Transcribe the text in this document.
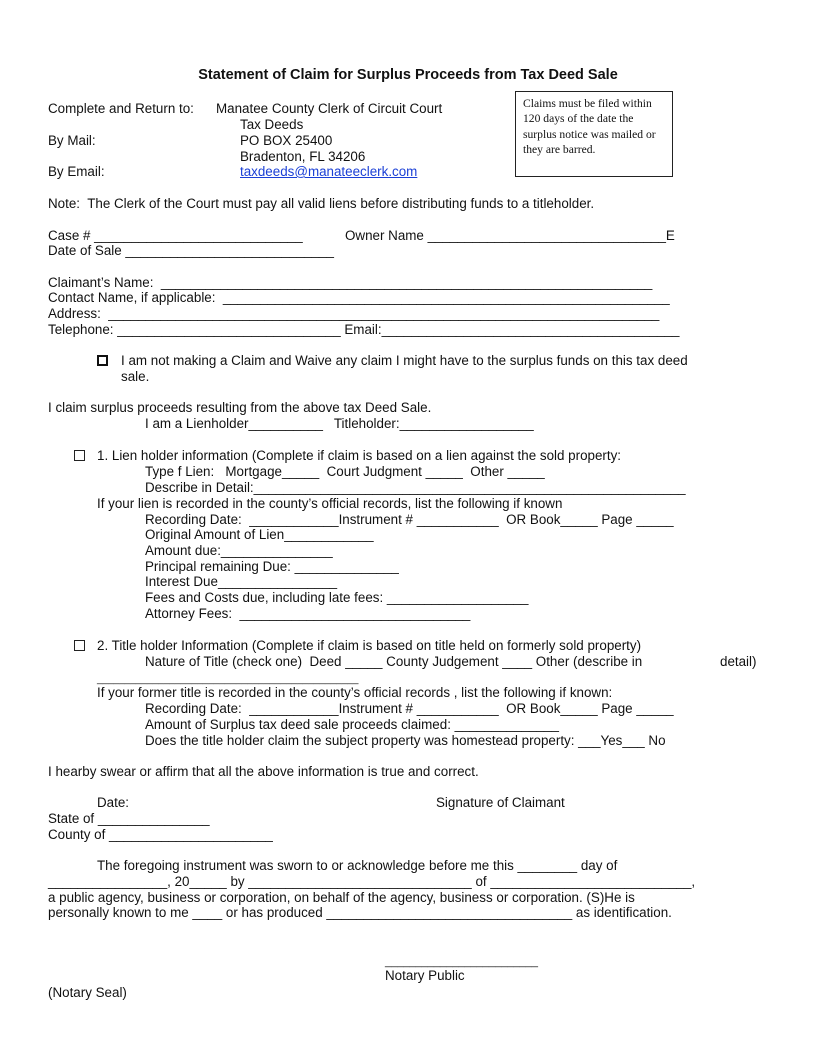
Statement of Claim for Surplus Proceeds from Tax Deed Sale
Complete and Return to: Manatee County Clerk of Circuit Court
Tax Deeds
By Mail:	PO BOX 25400
Bradenton, FL 34206
By Email:	taxdeeds@manateeclerk.com
Claims must be filed within 120 days of the date the surplus notice was mailed or they are barred.
Note:  The Clerk of the Court must pay all valid liens before distributing funds to a titleholder.
Case # ____________________________	Owner Name ________________________________E
Date of Sale ____________________________
Claimant’s Name:  __________________________________________________________________
Contact Name, if applicable:  ____________________________________________________________
Address:  __________________________________________________________________________
Telephone: ______________________________ Email:________________________________________
I am not making a Claim and Waive any claim I might have to the surplus funds on this tax deed
sale.
I claim surplus proceeds resulting from the above tax Deed Sale.
I am a Lienholder__________   Titleholder:__________________
1. Lien holder information (Complete if claim is based on a lien against the sold property:
Type f Lien:   Mortgage_____  Court Judgment _____  Other _____
Describe in Detail:__________________________________________________________
If your lien is recorded in the county’s official records, list the following if known
Recording Date:  ____________Instrument # ___________  OR Book_____ Page _____
Original Amount of Lien____________
Amount due:_______________
Principal remaining Due: ______________
Interest Due________________
Fees and Costs due, including late fees: ___________________
Attorney Fees:  _______________________________
2. Title holder Information (Complete if claim is based on title held on formerly sold property)
Nature of Title (check one)  Deed _____ County Judgement ____ Other (describe in	detail)
_______________________________________________
If your former title is recorded in the county’s official records , list the following if known:
Recording Date:  ____________Instrument # ___________  OR Book_____ Page _____
Amount of Surplus tax deed sale proceeds claimed: ______________
Does the title holder claim the subject property was homestead property: ___Yes___ No
I hearby swear or affirm that all the above information is true and correct.
Date:	Signature of Claimant
State of _______________
County of ______________________
The foregoing instrument was sworn to or acknowledge before me this ________ day of
________________, 20_____ by ______________________________ of ___________________________,
a public agency, business or corporation, on behalf of the agency, business or corporation. (S)He is
personally known to me ____ or has produced _________________________________ as identification.
_________________________
Notary Public
(Notary Seal)
